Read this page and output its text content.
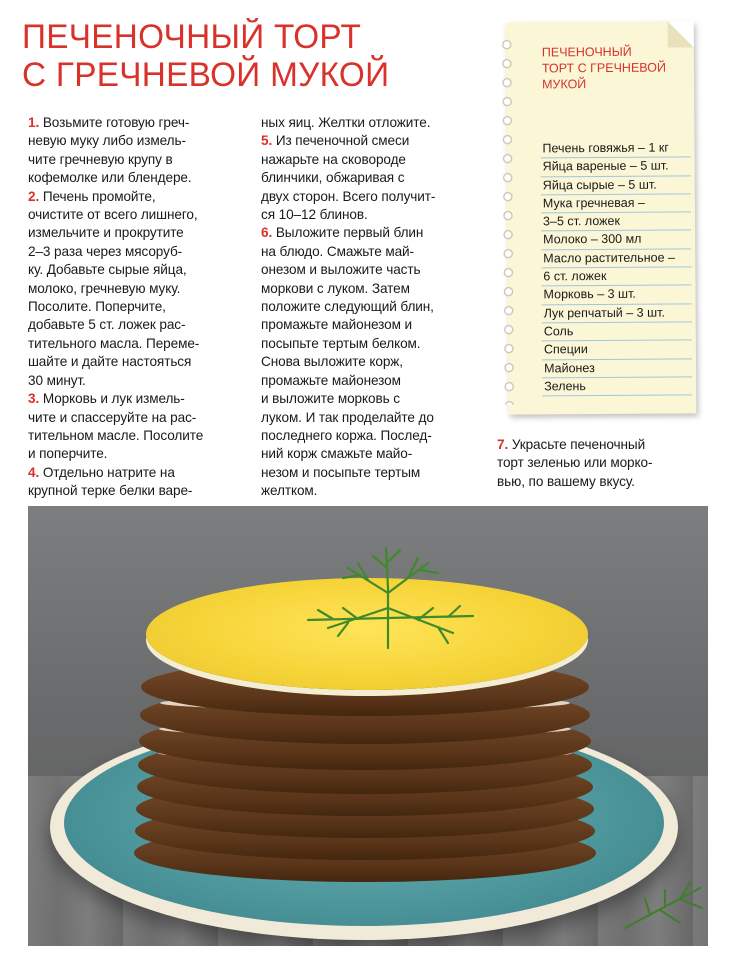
ПЕЧЕНОЧНЫЙ ТОРТ
С ГРЕЧНЕВОЙ МУКОЙ
1. Возьмите готовую греч-
невую муку либо измель-
чите гречневую крупу в
кофемолке или блендере.
2. Печень промойте,
очистите от всего лишнего,
измельчите и прокрутите
2–3 раза через мясоруб-
ку. Добавьте сырые яйца,
молоко, гречневую муку.
Посолите. Поперчите,
добавьте 5 ст. ложек рас-
тительного масла. Переме-
шайте и дайте настояться
30 минут.
3. Морковь и лук измель-
чите и спассеруйте на рас-
тительном масле. Посолите
и поперчите.
4. Отдельно натрите на
крупной терке белки варе-
ных яиц. Желтки отложите.
5. Из печеночной смеси
нажарьте на сковороде
блинчики, обжаривая с
двух сторон. Всего получит-
ся 10–12 блинов.
6. Выложите первый блин
на блюдо. Смажьте май-
онезом и выложите часть
моркови с луком. Затем
положите следующий блин,
промажьте майонезом и
посыпьте тертым белком.
Снова выложите корж,
промажьте майонезом
и выложите морковь с
луком. И так проделайте до
последнего коржа. Послед-
ний корж смажьте майо-
незом и посыпьте тертым
желтком.
7. Украсьте печеночный
торт зеленью или морко-
вью, по вашему вкусу.
ПЕЧЕНОЧНЫЙ
ТОРТ С ГРЕЧНЕВОЙ
МУКОЙ
Печень говяжья – 1 кг
Яйца вареные – 5 шт.
Яйца сырые – 5 шт.
Мука гречневая –
3–5 ст. ложек
Молоко – 300 мл
Масло растительное –
6 ст. ложек
Морковь – 3 шт.
Лук репчатый – 3 шт.
Соль
Специи
Майонез
Зелень
